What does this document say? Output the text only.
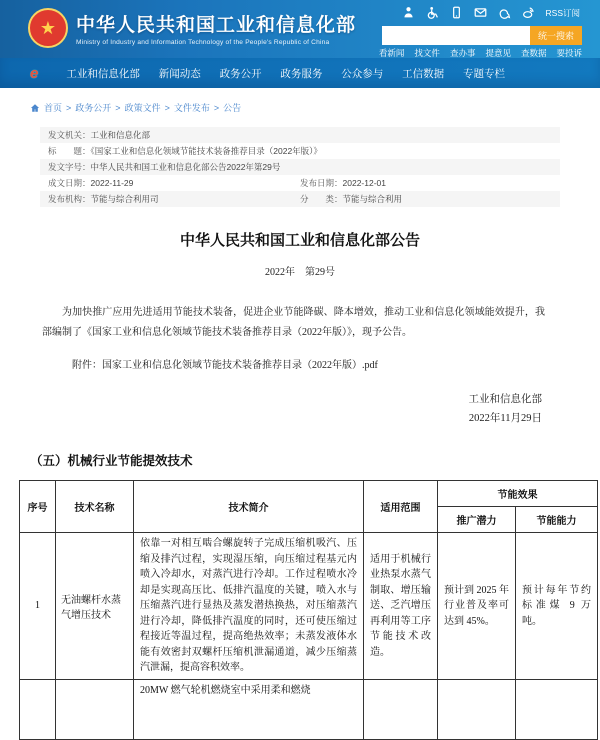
★	中华人民共和国工业和信息化部
Ministry of Industry and Information Technology of the People's Republic of China
RSS订阅
统一搜索
看新闻 找文件 查办事 提意见 查数据 要投诉
e	工业和信息化部 新闻动态 政务公开 政务服务 公众参与 工信数据 专题专栏
首页 > 政务公开 > 政策文件 > 文件发布 > 公告
发文机关：工业和信息化部
标　　题：《国家工业和信息化领域节能技术装备推荐目录（2022年版）》
发文字号：中华人民共和国工业和信息化部公告2022年第29号
成文日期：2022-11-29	发布日期：2022-12-01
发布机构：节能与综合利用司	分　　类：节能与综合利用
中华人民共和国工业和信息化部公告
2022年　第29号

为加快推广应用先进适用节能技术装备，促进企业节能降碳、降本增效，推动工业和信息化领域能效提升，我部编制了《国家工业和信息化领域节能技术装备推荐目录（2022年版）》，现予公告。

附件：国家工业和信息化领域节能技术装备推荐目录（2022年版）.pdf
工业和信息化部
2022年11月29日
（五）机械行业节能提效技术
序号	技术名称	技术简介	适用范围	节能效果	
				推广潜力	节能能力
1	无油螺杆水蒸气增压技术	依靠一对相互啮合螺旋转子完成压缩机吸汽、压缩及排汽过程，实现湿压缩，向压缩过程基元内喷入冷却水，对蒸汽进行冷却。工作过程喷水冷却是实现高压比、低排汽温度的关键，喷入水与压缩蒸汽进行显热及蒸发潜热换热，对压缩蒸汽进行冷却，降低排汽温度的同时，还可使压缩过程接近等温过程，提高绝热效率；未蒸发液体水能有效密封双螺杆压缩机泄漏通道，减少压缩蒸汽泄漏，提高容积效率。	适用于机械行业热泵水蒸气制取、增压输送、乏汽增压再利用等工序节能技术改造。	预计到 2025 年行业普及率可达到 45%。	预计每年节约标准煤 9 万吨。
		20MW 燃气轮机燃烧室中采用柔和燃烧			
